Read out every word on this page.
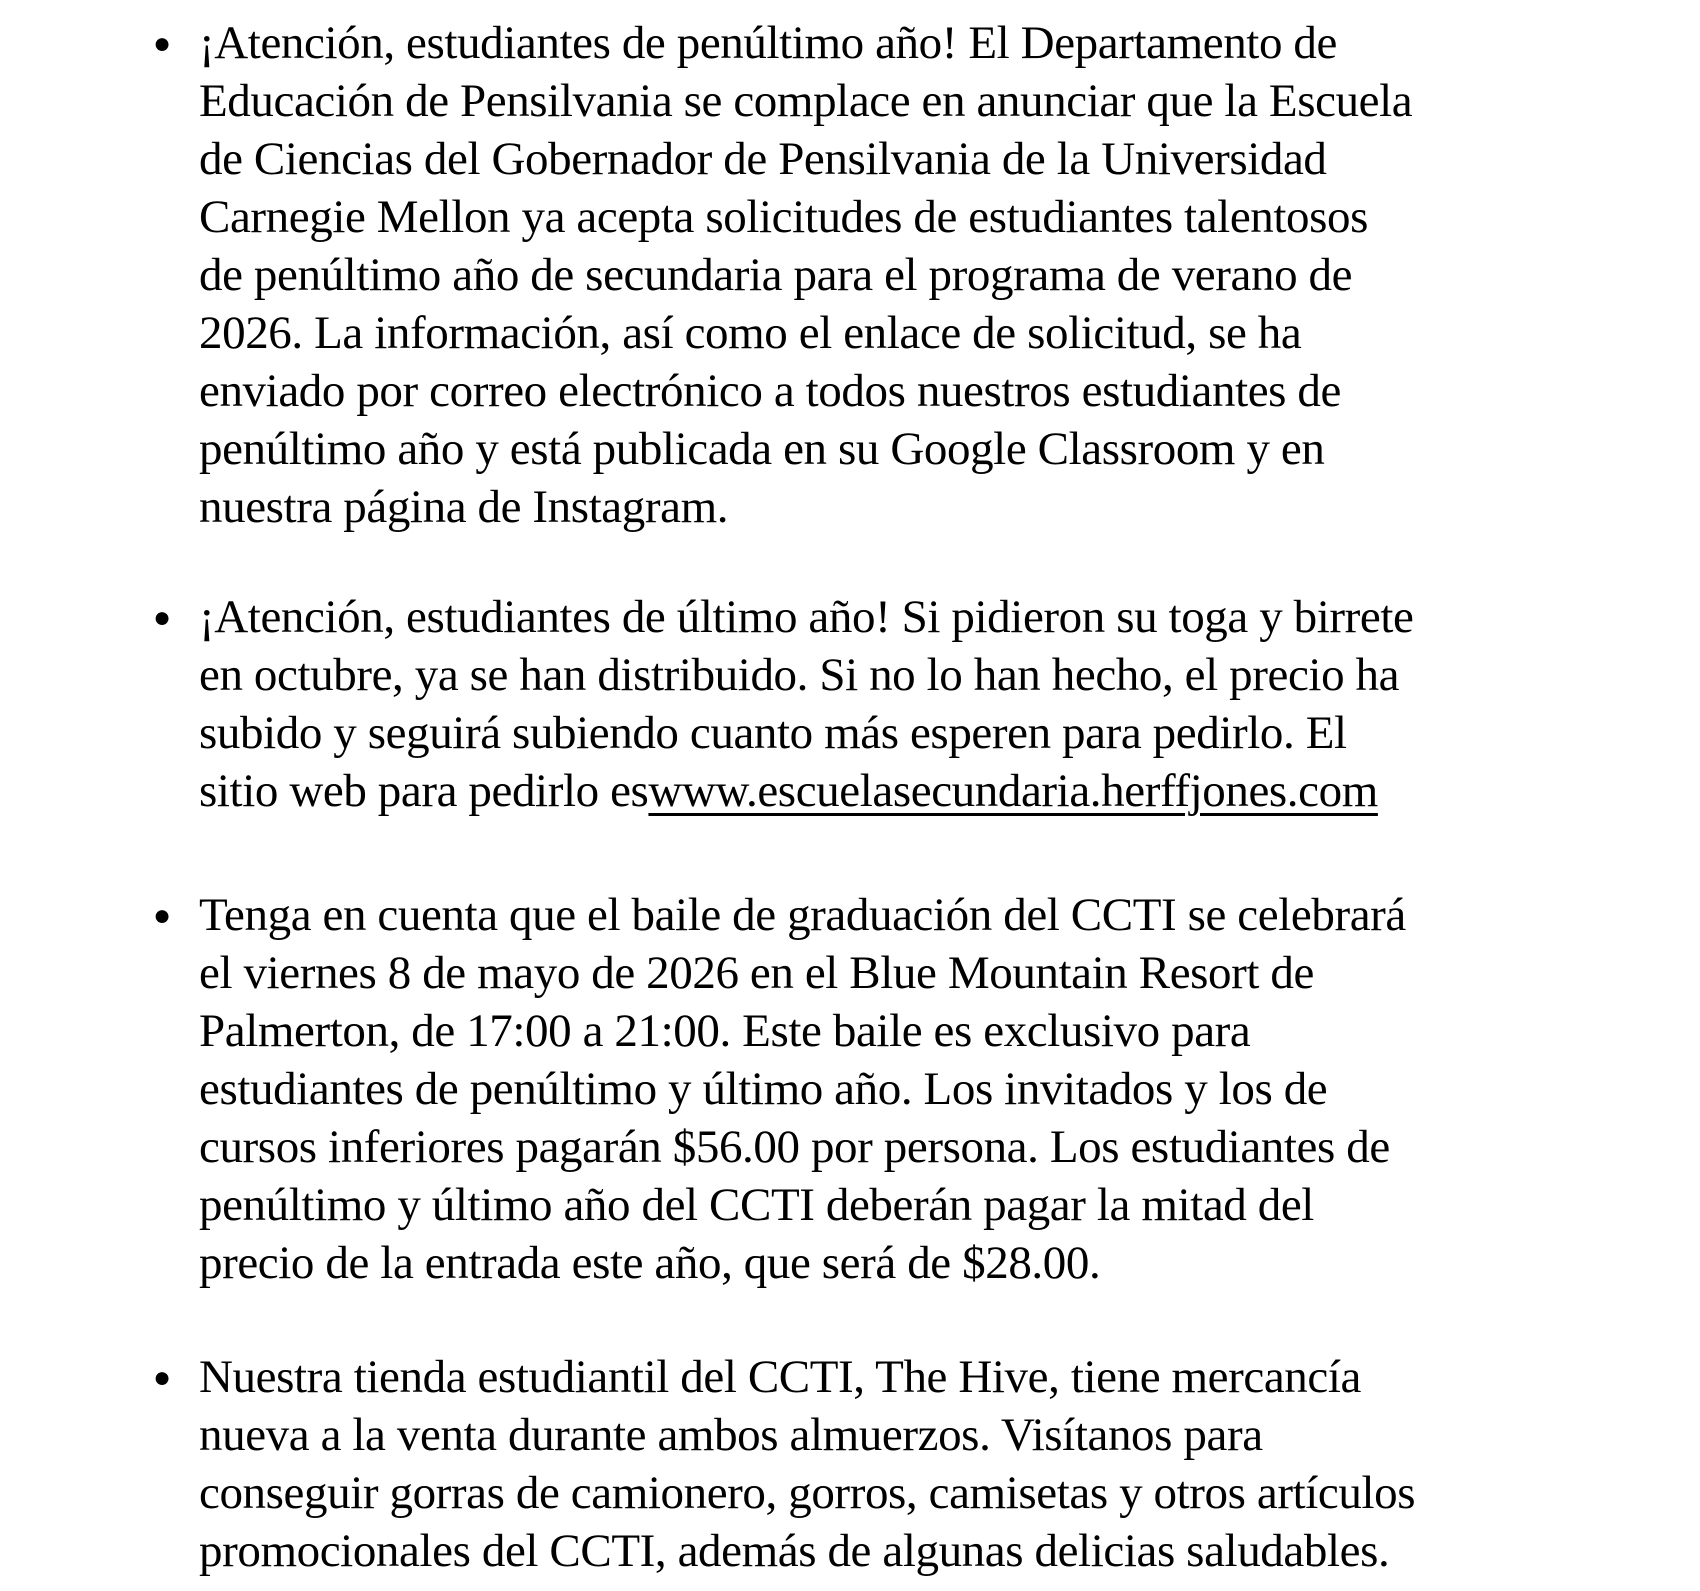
● ¡Atención, estudiantes de penúltimo año! El Departamento de
Educación de Pensilvania se complace en anunciar que la Escuela
de Ciencias del Gobernador de Pensilvania de la Universidad
Carnegie Mellon ya acepta solicitudes de estudiantes talentosos
de penúltimo año de secundaria para el programa de verano de
2026. La información, así como el enlace de solicitud, se ha
enviado por correo electrónico a todos nuestros estudiantes de
penúltimo año y está publicada en su Google Classroom y en
nuestra página de Instagram.
● ¡Atención, estudiantes de último año! Si pidieron su toga y birrete
en octubre, ya se han distribuido. Si no lo han hecho, el precio ha
subido y seguirá subiendo cuanto más esperen para pedirlo. El
sitio web para pedirlo eswww.escuelasecundaria.herffjones.com
● Tenga en cuenta que el baile de graduación del CCTI se celebrará
el viernes 8 de mayo de 2026 en el Blue Mountain Resort de
Palmerton, de 17:00 a 21:00. Este baile es exclusivo para
estudiantes de penúltimo y último año. Los invitados y los de
cursos inferiores pagarán $56.00 por persona. Los estudiantes de
penúltimo y último año del CCTI deberán pagar la mitad del
precio de la entrada este año, que será de $28.00.
● Nuestra tienda estudiantil del CCTI, The Hive, tiene mercancía
nueva a la venta durante ambos almuerzos. Visítanos para
conseguir gorras de camionero, gorros, camisetas y otros artículos
promocionales del CCTI, además de algunas delicias saludables.
